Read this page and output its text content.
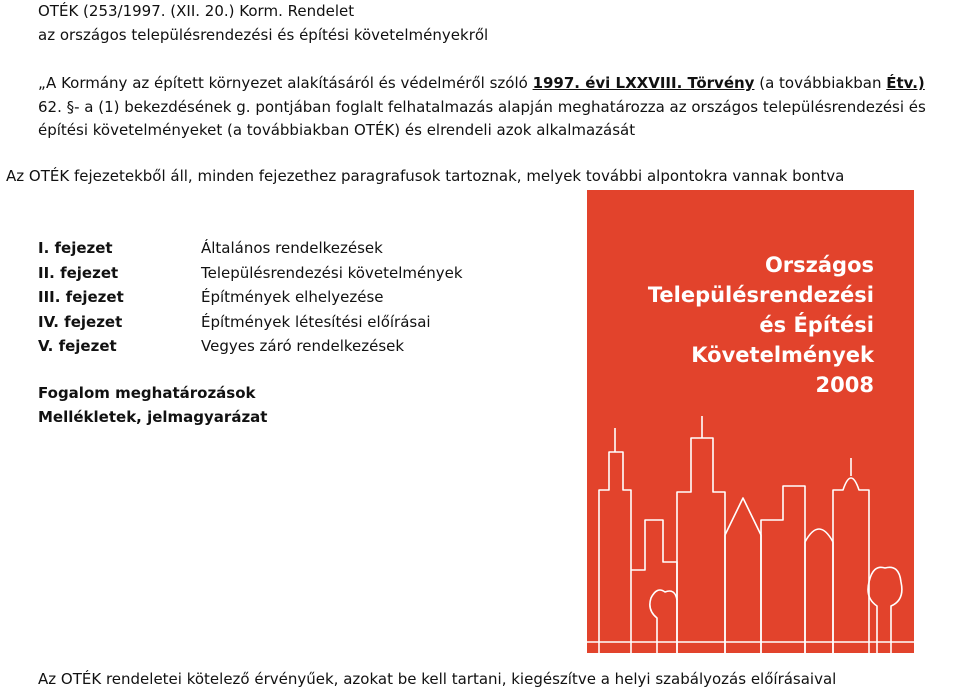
OTÉK (253/1997. (XII. 20.) Korm. Rendelet
az országos településrendezési és építési követelményekről
„A Kormány az épített környezet alakításáról és védelméről szóló 1997. évi LXXVIII. Törvény (a továbbiakban Étv.)
62. §- a (1) bekezdésének g. pontjában foglalt felhatalmazás alapján meghatározza az országos településrendezési és
építési követelményeket (a továbbiakban OTÉK) és elrendeli azok alkalmazását
Az OTÉK fejezetekből áll, minden fejezethez paragrafusok tartoznak, melyek további alpontokra vannak bontva
I. fejezet	Általános rendelkezések
II. fejezet	Településrendezési követelmények
III. fejezet	Építmények elhelyezése
IV. fejezet	Építmények létesítési előírásai
V. fejezet	Vegyes záró rendelkezések
Fogalom meghatározások
Mellékletek, jelmagyarázat
Országos
Településrendezési
és Építési
Követelmények
2008
Az OTÉK rendeletei kötelező érvényűek, azokat be kell tartani, kiegészítve a helyi szabályozás előírásaival
